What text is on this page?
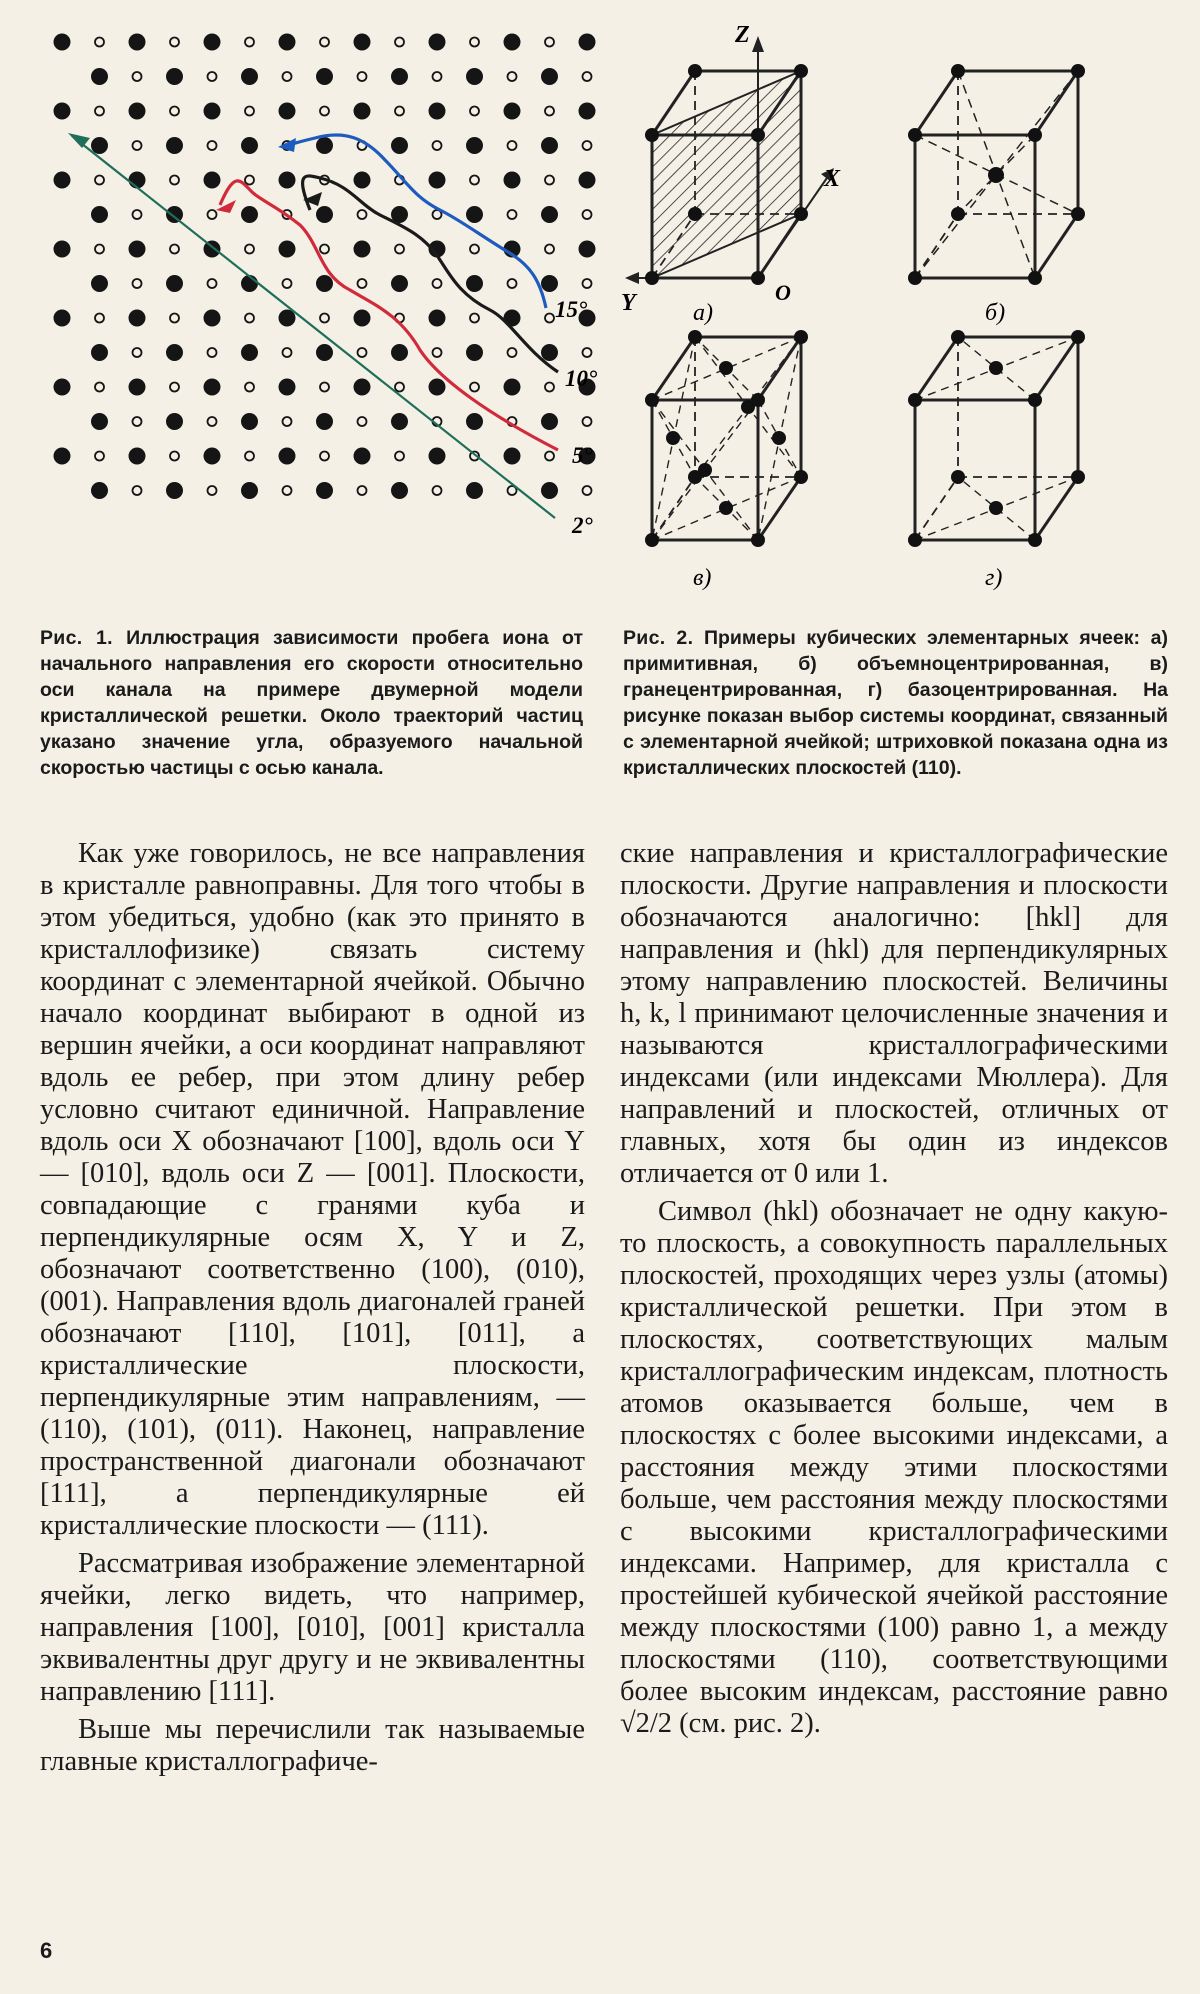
15°
10°
5°
2°
Z
X
Y	O
а)	б)
в)	г)
Рис. 1. Иллюстрация зависимости пробега иона от начального направления его скорости относительно оси канала на примере двумерной модели кристаллической решетки. Около траекторий частиц указано значение угла, образуемого начальной скоростью частицы с осью канала.
Рис. 2. Примеры кубических элементарных ячеек: а) примитивная, б) объемноцентрированная, в) гранецентрированная, г) базоцентрированная. На рисунке показан выбор системы координат, связанный с элементарной ячейкой; штриховкой показана одна из кристаллических плоскостей (110).

Как уже говорилось, не все направления в кристалле равноправны. Для того чтобы в этом убедиться, удобно (как это принято в кристаллофизике) связать систему координат с элементарной ячейкой. Обычно начало координат выбирают в одной из вершин ячейки, а оси координат направляют вдоль ее ребер, при этом длину ребер условно считают единичной. Направление вдоль оси X обозначают [100], вдоль оси Y — [010], вдоль оси Z — [001]. Плоскости, совпадающие с гранями куба и перпендикулярные осям X, Y и Z, обозначают соответственно (100), (010), (001). Направления вдоль диагоналей граней обозначают [110], [101], [011], а кристаллические плоскости, перпендикулярные этим направлениям, — (110), (101), (011). Наконец, направление пространственной диагонали обозначают [111], а перпендикулярные ей кристаллические плоскости — (111).

Рассматривая изображение элементарной ячейки, легко видеть, что например, направления [100], [010], [001] кристалла эквивалентны друг другу и не эквивалентны направлению [111].

Выше мы перечислили так называемые главные кристаллографиче-

ские направления и кристаллографические плоскости. Другие направления и плоскости обозначаются аналогично: [hkl] для направления и (hkl) для перпендикулярных этому направлению плоскостей. Величины h, k, l принимают целочисленные значения и называются кристаллографическими индексами (или индексами Мюллера). Для направлений и плоскостей, отличных от главных, хотя бы один из индексов отличается от 0 или 1.

Символ (hkl) обозначает не одну какую-то плоскость, а совокупность параллельных плоскостей, проходящих через узлы (атомы) кристаллической решетки. При этом в плоскостях, соответствующих малым кристаллографическим индексам, плотность атомов оказывается больше, чем в плоскостях с более высокими индексами, а расстояния между этими плоскостями больше, чем расстояния между плоскостями с высокими кристаллографическими индексами. Например, для кристалла с простейшей кубической ячейкой расстояние между плоскостями (100) равно 1, а между плоскостями (110), соответствующими более высоким индексам, расстояние равно √2/2 (см. рис. 2).

6
